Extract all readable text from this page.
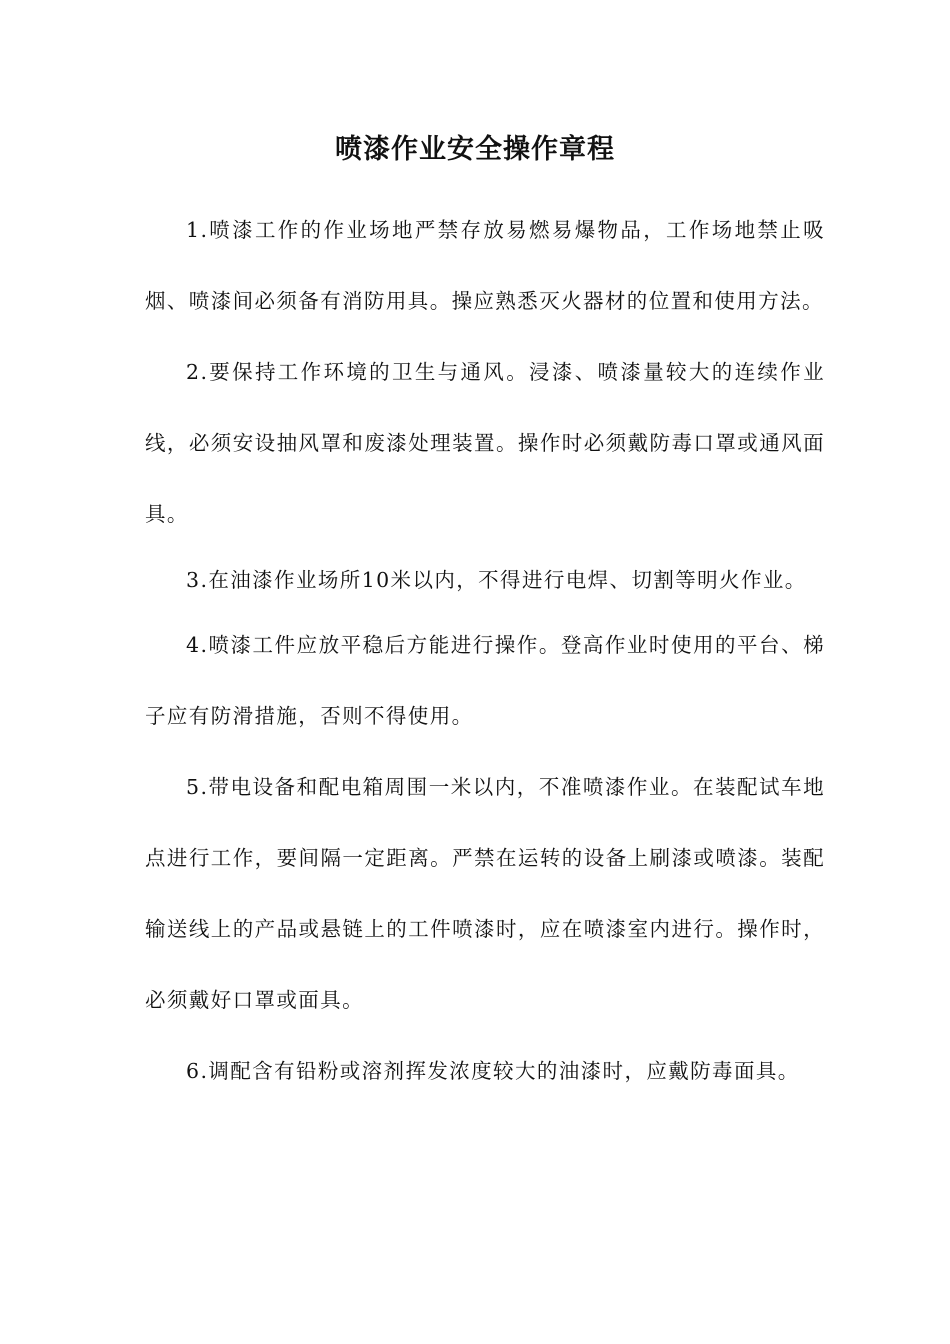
喷漆作业安全操作章程

1.喷漆工作的作业场地严禁存放易燃易爆物品，工作场地禁止吸烟、喷漆间必须备有消防用具。操应熟悉灭火器材的位置和使用方法。

2.要保持工作环境的卫生与通风。浸漆、喷漆量较大的连续作业线，必须安设抽风罩和废漆处理装置。操作时必须戴防毒口罩或通风面具。

3.在油漆作业场所10米以内，不得进行电焊、切割等明火作业。

4.喷漆工件应放平稳后方能进行操作。登高作业时使用的平台、梯子应有防滑措施，否则不得使用。

5.带电设备和配电箱周围一米以内，不准喷漆作业。在装配试车地点进行工作，要间隔一定距离。严禁在运转的设备上刷漆或喷漆。装配输送线上的产品或悬链上的工件喷漆时，应在喷漆室内进行。操作时，必须戴好口罩或面具。

6.调配含有铅粉或溶剂挥发浓度较大的油漆时，应戴防毒面具。
